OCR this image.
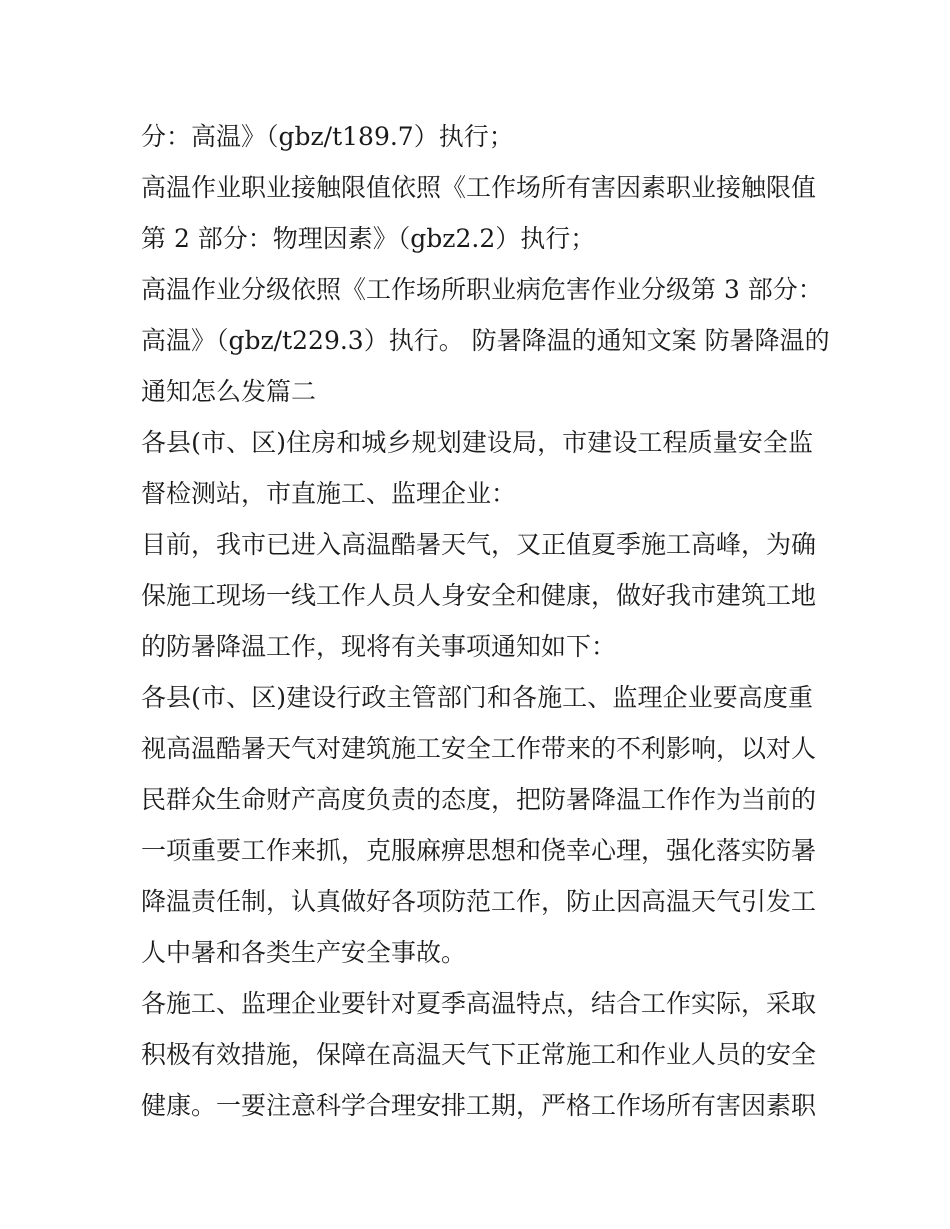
分：高温》（gbz/t189.7）执行；
高温作业职业接触限值依照《工作场所有害因素职业接触限值
第 2 部分：物理因素》（gbz2.2）执行；
高温作业分级依照《工作场所职业病危害作业分级第 3 部分：
高温》（gbz/t229.3）执行。 防暑降温的通知文案 防暑降温的
通知怎么发篇二
各县(市、区)住房和城乡规划建设局，市建设工程质量安全监
督检测站，市直施工、监理企业：
目前，我市已进入高温酷暑天气，又正值夏季施工高峰，为确
保施工现场一线工作人员人身安全和健康，做好我市建筑工地
的防暑降温工作，现将有关事项通知如下：
各县(市、区)建设行政主管部门和各施工、监理企业要高度重
视高温酷暑天气对建筑施工安全工作带来的不利影响，以对人
民群众生命财产高度负责的态度，把防暑降温工作作为当前的
一项重要工作来抓，克服麻痹思想和侥幸心理，强化落实防暑
降温责任制，认真做好各项防范工作，防止因高温天气引发工
人中暑和各类生产安全事故。
各施工、监理企业要针对夏季高温特点，结合工作实际，采取
积极有效措施，保障在高温天气下正常施工和作业人员的安全
健康。一要注意科学合理安排工期，严格工作场所有害因素职
